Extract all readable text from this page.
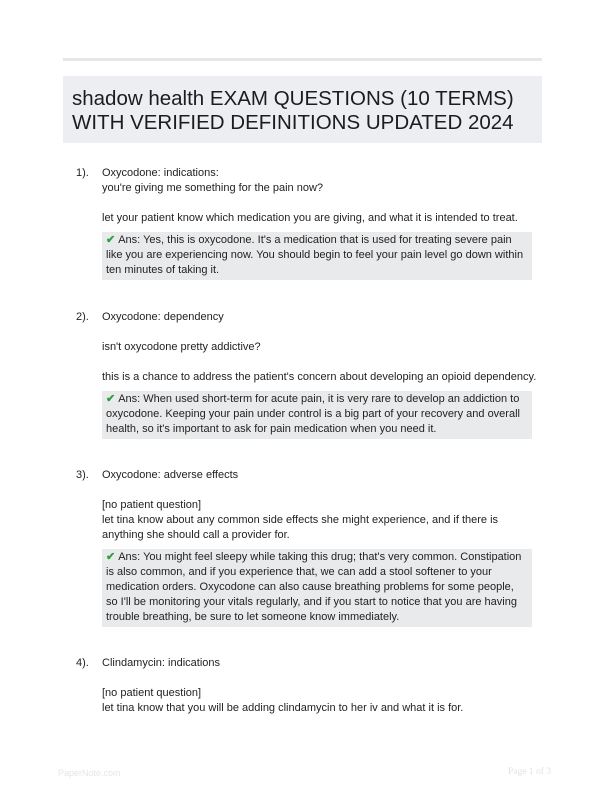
shadow health EXAM QUESTIONS (10 TERMS) WITH VERIFIED DEFINITIONS UPDATED 2024
1). Oxycodone: indications:

you're giving me something for the pain now?

let your patient know which medication you are giving, and what it is intended to treat.

✔ Ans: Yes, this is oxycodone. It's a medication that is used for treating severe pain like you are experiencing now. You should begin to feel your pain level go down within ten minutes of taking it.
2). Oxycodone: dependency

isn't oxycodone pretty addictive?

this is a chance to address the patient's concern about developing an opioid dependency.

✔ Ans: When used short-term for acute pain, it is very rare to develop an addiction to oxycodone. Keeping your pain under control is a big part of your recovery and overall health, so it's important to ask for pain medication when you need it.
3). Oxycodone: adverse effects

[no patient question]

let tina know about any common side effects she might experience, and if there is anything she should call a provider for.

✔ Ans: You might feel sleepy while taking this drug; that's very common. Constipation is also common, and if you experience that, we can add a stool softener to your medication orders. Oxycodone can also cause breathing problems for some people, so I'll be monitoring your vitals regularly, and if you start to notice that you are having trouble breathing, be sure to let someone know immediately.
4). Clindamycin: indications

[no patient question]

let tina know that you will be adding clindamycin to her iv and what it is for.

PaperNote.com	Page 1 of 3
